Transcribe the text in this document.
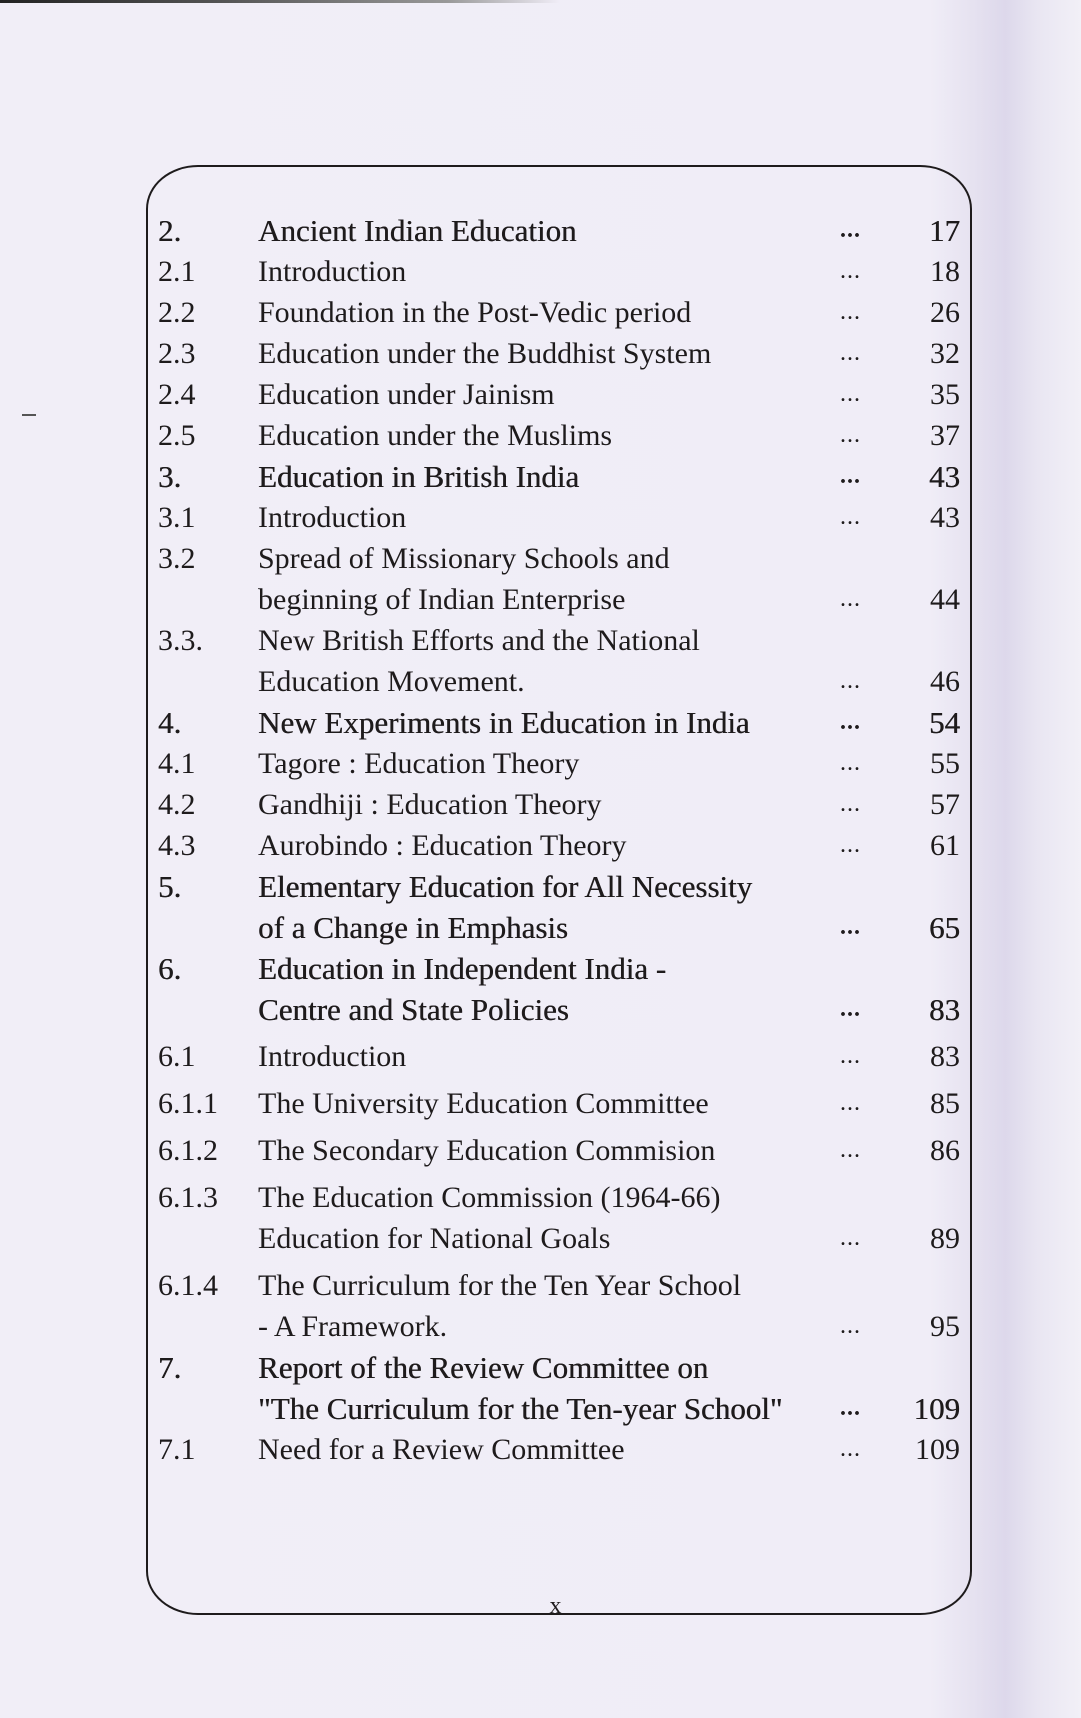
2.	Ancient Indian Education	...	17
2.1	Introduction	...	18
2.2	Foundation in the Post-Vedic period	...	26
2.3	Education under the Buddhist System	...	32
2.4	Education under Jainism	...	35
2.5	Education under the Muslims	...	37
3.	Education in British India	...	43
3.1	Introduction	...	43
3.2	Spread of Missionary Schools and
beginning of Indian Enterprise	...	44
3.3.	New British Efforts and the National
Education Movement.	...	46
4.	New Experiments in Education in India	...	54
4.1	Tagore : Education Theory	...	55
4.2	Gandhiji : Education Theory	...	57
4.3	Aurobindo : Education Theory	...	61
5.	Elementary Education for All Necessity
of a Change in Emphasis	...	65
6.	Education in Independent India -
Centre and State Policies	...	83
6.1	Introduction	...	83
6.1.1	The University Education Committee	...	85
6.1.2	The Secondary Education Commision	...	86
6.1.3	The Education Commission (1964-66)
Education for National Goals	...	89
6.1.4	The Curriculum for the Ten Year School
- A Framework.	...	95
7.	Report of the Review Committee on
"The Curriculum for the Ten-year School"	...	109
7.1	Need for a Review Committee	...	109
x
